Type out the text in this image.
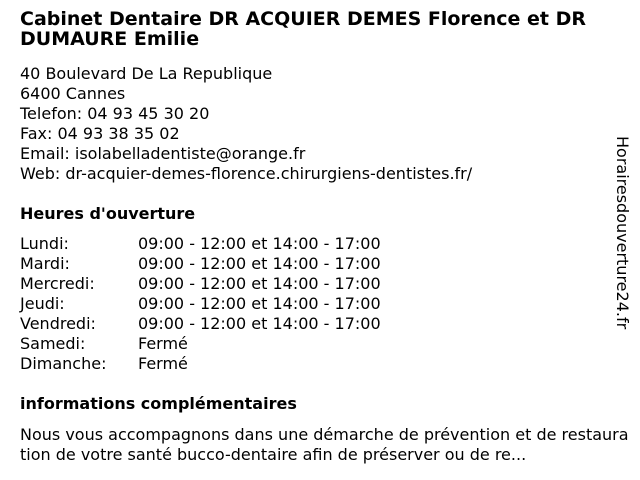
Cabinet Dentaire DR ACQUIER DEMES Florence et DR DUMAURE Emilie
40 Boulevard De La Republique
6400 Cannes
Telefon: 04 93 45 30 20
Fax: 04 93 38 35 02
Email: isolabelladentiste@orange.fr
Web: dr-acquier-demes-florence.chirurgiens-dentistes.fr/
Heures d'ouverture
Lundi:	09:00 - 12:00 et 14:00 - 17:00
Mardi:	09:00 - 12:00 et 14:00 - 17:00
Mercredi:	09:00 - 12:00 et 14:00 - 17:00
Jeudi:	09:00 - 12:00 et 14:00 - 17:00
Vendredi:	09:00 - 12:00 et 14:00 - 17:00
Samedi:	Fermé
Dimanche:	Fermé
informations complémentaires
Nous vous accompagnons dans une démarche de prévention et de restauration de votre santé bucco-dentaire afin de préserver ou de re...
Horairesdouverture24.fr
